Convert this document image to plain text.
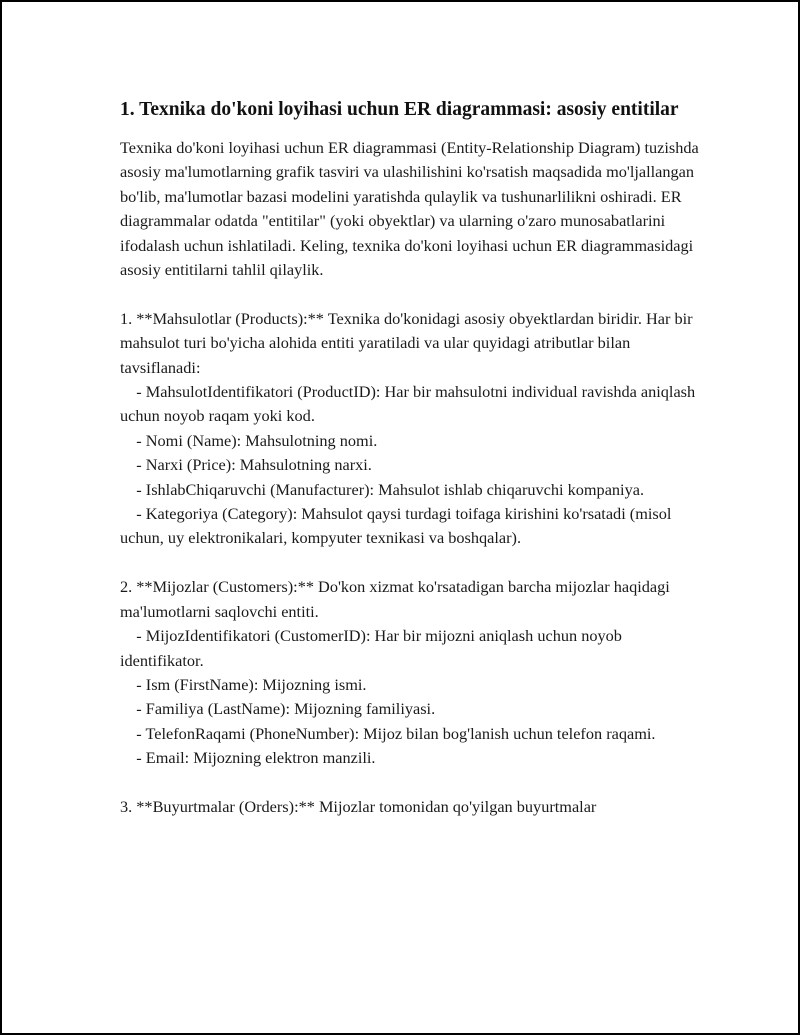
1. Texnika do'koni loyihasi uchun ER diagrammasi: asosiy entitilar

Texnika do'koni loyihasi uchun ER diagrammasi (Entity-Relationship Diagram) tuzishda asosiy ma'lumotlarning grafik tasviri va ulashilishini ko'rsatish maqsadida mo'ljallangan bo'lib, ma'lumotlar bazasi modelini yaratishda qulaylik va tushunarlilikni oshiradi. ER diagrammalar odatda "entitilar" (yoki obyektlar) va ularning o'zaro munosabatlarini ifodalash uchun ishlatiladi. Keling, texnika do'koni loyihasi uchun ER diagrammasidagi asosiy entitilarni tahlil qilaylik.

1. **Mahsulotlar (Products):** Texnika do'konidagi asosiy obyektlardan biridir. Har bir mahsulot turi bo'yicha alohida entiti yaratiladi va ular quyidagi atributlar bilan tavsiflanadi:

- MahsulotIdentifikatori (ProductID): Har bir mahsulotni individual ravishda aniqlash uchun noyob raqam yoki kod.

- Nomi (Name): Mahsulotning nomi.

- Narxi (Price): Mahsulotning narxi.

- IshlabChiqaruvchi (Manufacturer): Mahsulot ishlab chiqaruvchi kompaniya.

- Kategoriya (Category): Mahsulot qaysi turdagi toifaga kirishini ko'rsatadi (misol uchun, uy elektronikalari, kompyuter texnikasi va boshqalar).

2. **Mijozlar (Customers):** Do'kon xizmat ko'rsatadigan barcha mijozlar haqidagi ma'lumotlarni saqlovchi entiti.

- MijozIdentifikatori (CustomerID): Har bir mijozni aniqlash uchun noyob identifikator.

- Ism (FirstName): Mijozning ismi.

- Familiya (LastName): Mijozning familiyasi.

- TelefonRaqami (PhoneNumber): Mijoz bilan bog'lanish uchun telefon raqami.

- Email: Mijozning elektron manzili.

3. **Buyurtmalar (Orders):** Mijozlar tomonidan qo'yilgan buyurtmalar
